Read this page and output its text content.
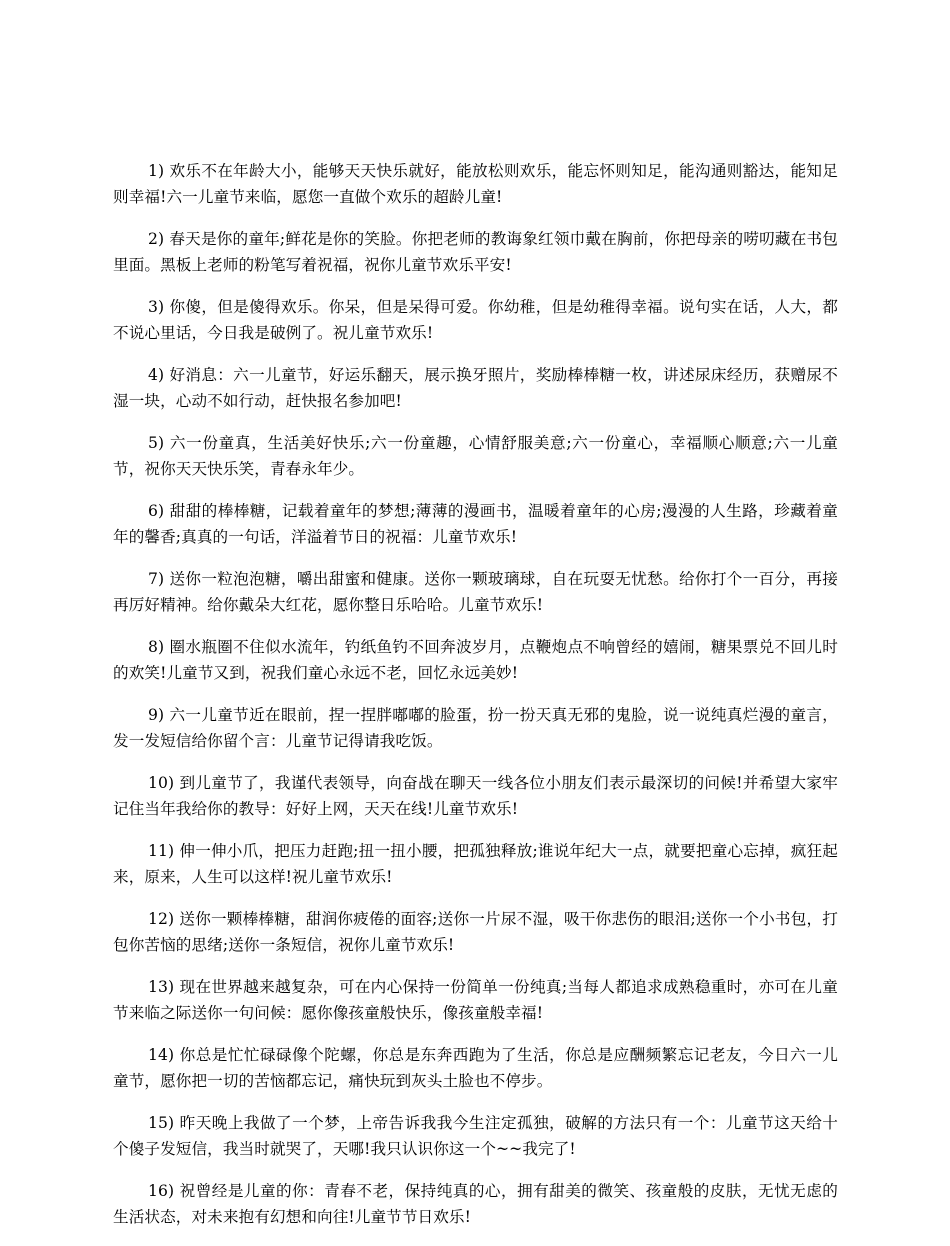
1) 欢乐不在年龄大小，能够天天快乐就好，能放松则欢乐，能忘怀则知足，能沟通则豁达，能知足则幸福!六一儿童节来临，愿您一直做个欢乐的超龄儿童!

2) 春天是你的童年;鲜花是你的笑脸。你把老师的教诲象红领巾戴在胸前，你把母亲的唠叨藏在书包里面。黑板上老师的粉笔写着祝福，祝你儿童节欢乐平安!

3) 你傻，但是傻得欢乐。你呆，但是呆得可爱。你幼稚，但是幼稚得幸福。说句实在话，人大，都不说心里话，今日我是破例了。祝儿童节欢乐!

4) 好消息：六一儿童节，好运乐翻天，展示换牙照片，奖励棒棒糖一枚，讲述尿床经历，获赠尿不湿一块，心动不如行动，赶快报名参加吧!

5) 六一份童真，生活美好快乐;六一份童趣，心情舒服美意;六一份童心，幸福顺心顺意;六一儿童节，祝你天天快乐笑，青春永年少。

6) 甜甜的棒棒糖，记载着童年的梦想;薄薄的漫画书，温暖着童年的心房;漫漫的人生路，珍藏着童年的馨香;真真的一句话，洋溢着节日的祝福：儿童节欢乐!

7) 送你一粒泡泡糖，嚼出甜蜜和健康。送你一颗玻璃球，自在玩耍无忧愁。给你打个一百分，再接再厉好精神。给你戴朵大红花，愿你整日乐哈哈。儿童节欢乐!

8) 圈水瓶圈不住似水流年，钓纸鱼钓不回奔波岁月，点鞭炮点不响曾经的嬉闹，糖果票兑不回儿时的欢笑!儿童节又到，祝我们童心永远不老，回忆永远美妙!

9) 六一儿童节近在眼前，捏一捏胖嘟嘟的脸蛋，扮一扮天真无邪的鬼脸，说一说纯真烂漫的童言，发一发短信给你留个言：儿童节记得请我吃饭。

10) 到儿童节了，我谨代表领导，向奋战在聊天一线各位小朋友们表示最深切的问候!并希望大家牢记住当年我给你的教导：好好上网，天天在线!儿童节欢乐!

11) 伸一伸小爪，把压力赶跑;扭一扭小腰，把孤独释放;谁说年纪大一点，就要把童心忘掉，疯狂起来，原来，人生可以这样!祝儿童节欢乐!

12) 送你一颗棒棒糖，甜润你疲倦的面容;送你一片尿不湿，吸干你悲伤的眼泪;送你一个小书包，打包你苦恼的思绪;送你一条短信，祝你儿童节欢乐!

13) 现在世界越来越复杂，可在内心保持一份简单一份纯真;当每人都追求成熟稳重时，亦可在儿童节来临之际送你一句问候：愿你像孩童般快乐，像孩童般幸福!

14) 你总是忙忙碌碌像个陀螺，你总是东奔西跑为了生活，你总是应酬频繁忘记老友，今日六一儿童节，愿你把一切的苦恼都忘记，痛快玩到灰头土脸也不停步。

15) 昨天晚上我做了一个梦，上帝告诉我我今生注定孤独，破解的方法只有一个：儿童节这天给十个傻子发短信，我当时就哭了，天哪!我只认识你这一个~~我完了!

16) 祝曾经是儿童的你：青春不老，保持纯真的心，拥有甜美的微笑、孩童般的皮肤，无忧无虑的生活状态，对未来抱有幻想和向往!儿童节节日欢乐!
